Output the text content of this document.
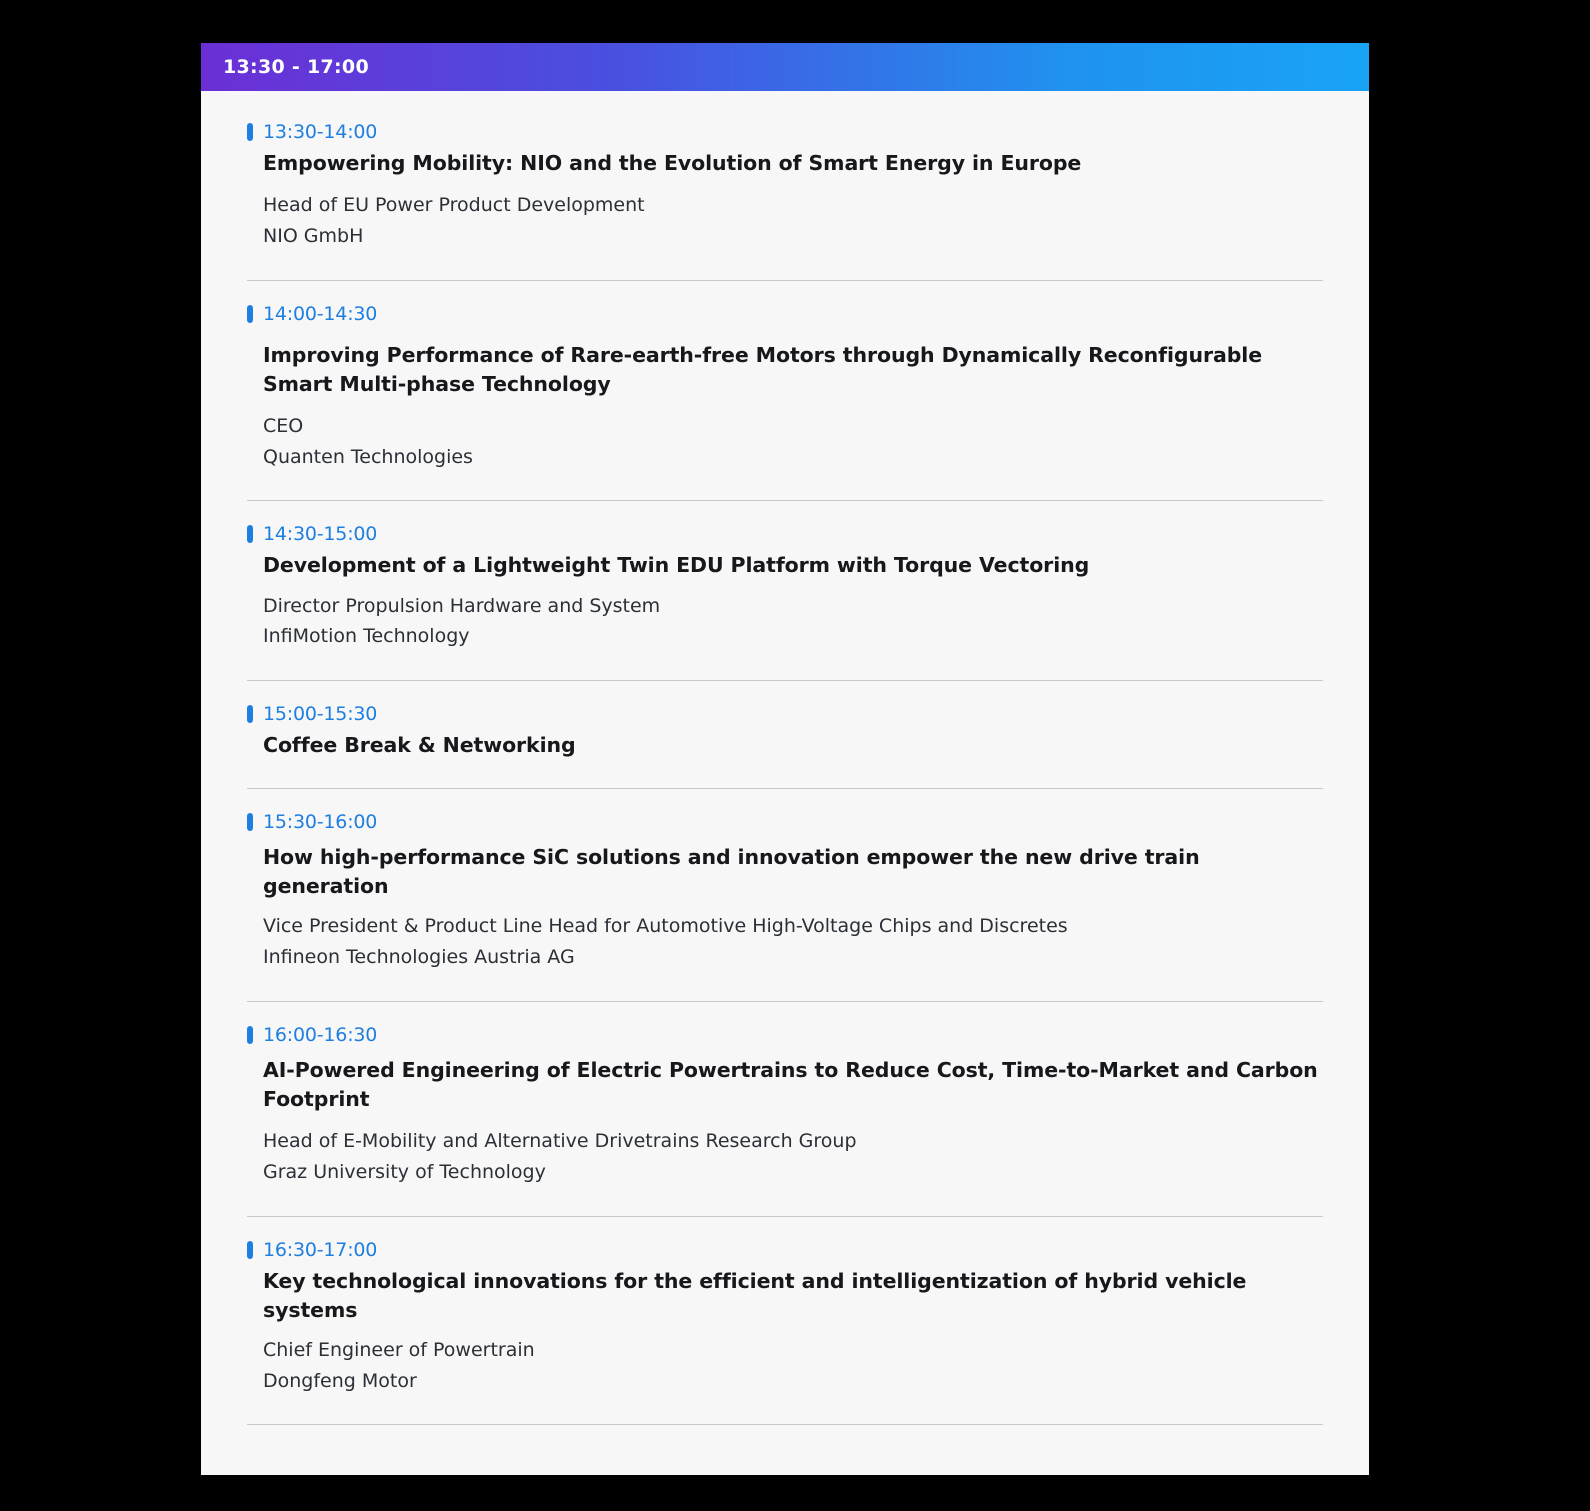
13:30 - 17:00
13:30-14:00
Empowering Mobility: NIO and the Evolution of Smart Energy in Europe
Head of EU Power Product Development
NIO GmbH
14:00-14:30
Improving Performance of Rare-earth-free Motors through Dynamically Reconfigurable Smart Multi-phase Technology
CEO
Quanten Technologies
14:30-15:00
Development of a Lightweight Twin EDU Platform with Torque Vectoring
Director Propulsion Hardware and System
InfiMotion Technology
15:00-15:30
Coffee Break & Networking
15:30-16:00
How high-performance SiC solutions and innovation empower the new drive train generation
Vice President & Product Line Head for Automotive High-Voltage Chips and Discretes
Infineon Technologies Austria AG
16:00-16:30
AI-Powered Engineering of Electric Powertrains to Reduce Cost, Time-to-Market and Carbon Footprint
Head of E-Mobility and Alternative Drivetrains Research Group
Graz University of Technology
16:30-17:00
Key technological innovations for the efficient and intelligentization of hybrid vehicle systems
Chief Engineer of Powertrain
Dongfeng Motor
